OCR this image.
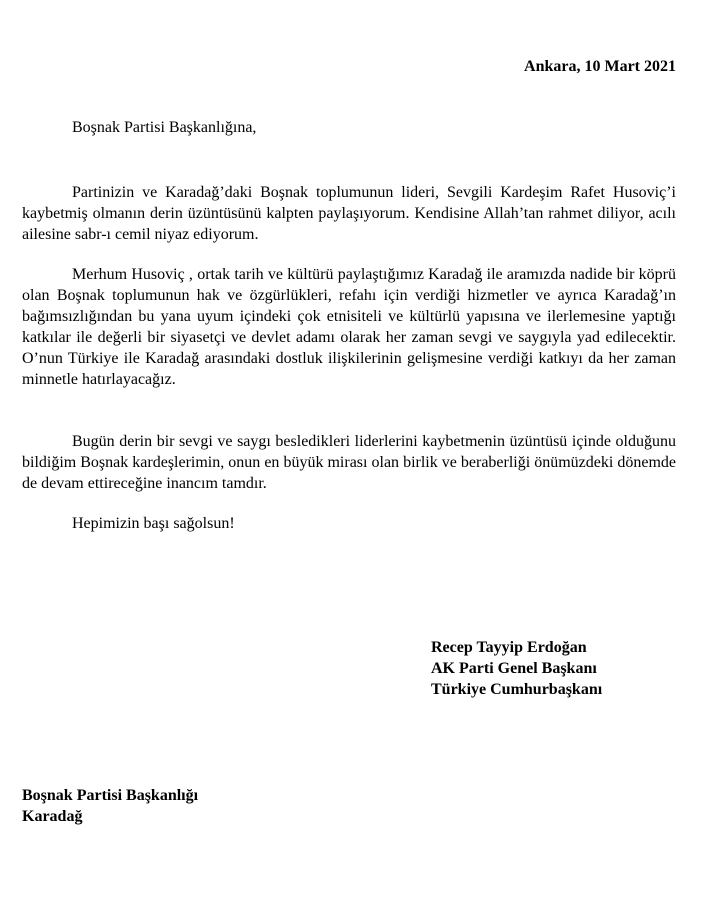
Ankara, 10 Mart 2021
Boşnak Partisi Başkanlığına,

Partinizin ve Karadağ’daki Boşnak toplumunun lideri, Sevgili Kardeşim Rafet Husoviç’i kaybetmiş olmanın derin üzüntüsünü kalpten paylaşıyorum. Kendisine Allah’tan rahmet diliyor, acılı ailesine sabr-ı cemil niyaz ediyorum.

Merhum Husoviç , ortak tarih ve kültürü paylaştığımız Karadağ ile aramızda nadide bir köprü olan Boşnak toplumunun hak ve özgürlükleri, refahı için verdiği hizmetler ve ayrıca Karadağ’ın bağımsızlığından bu yana uyum içindeki çok etnisiteli ve kültürlü yapısına ve ilerlemesine yaptığı katkılar ile değerli bir siyasetçi ve devlet adamı olarak her zaman sevgi ve saygıyla yad edilecektir. O’nun Türkiye ile Karadağ arasındaki dostluk ilişkilerinin gelişmesine verdiği katkıyı da her zaman minnetle hatırlayacağız.

Bugün derin bir sevgi ve saygı besledikleri liderlerini kaybetmenin üzüntüsü içinde olduğunu bildiğim Boşnak kardeşlerimin, onun en büyük mirası olan birlik ve beraberliği önümüzdeki dönemde de devam ettireceğine inancım tamdır.

Hepimizin başı sağolsun!
Recep Tayyip Erdoğan
AK Parti Genel Başkanı
Türkiye Cumhurbaşkanı
Boşnak Partisi Başkanlığı
Karadağ
